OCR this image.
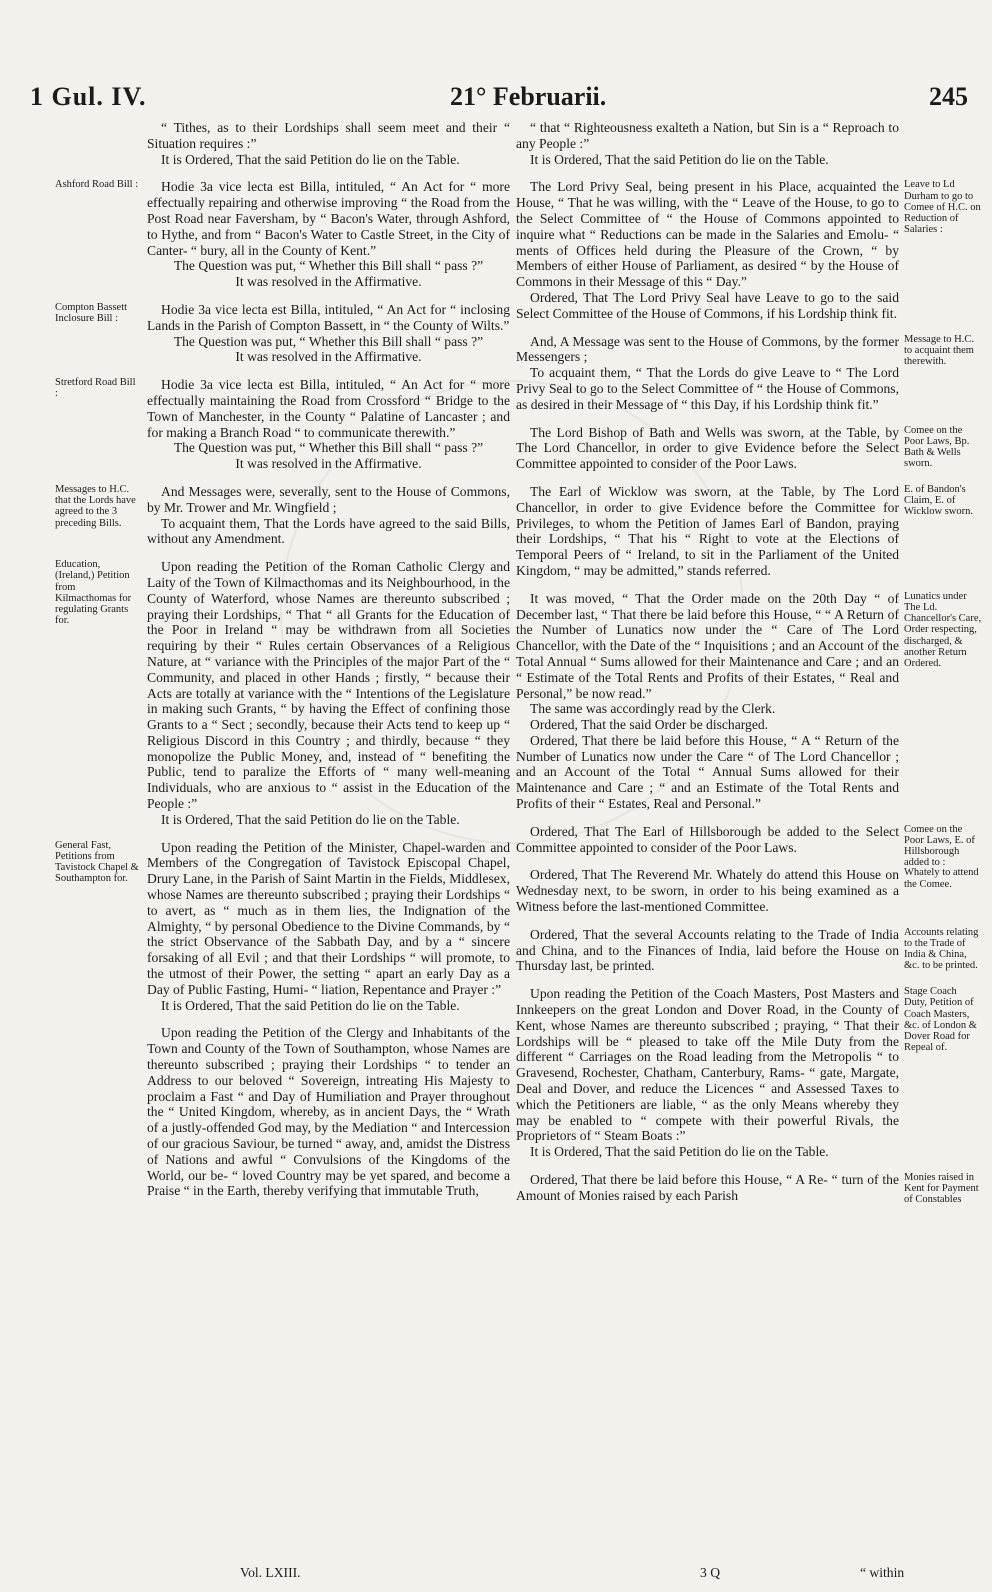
1 Gul. IV.	21° Februarii.	245

“ Tithes, as to their Lordships shall seem meet and their “ Situation requires :”

It is Ordered, That the said Petition do lie on the Table.

Ashford Road Bill :	Hodie 3a vice lecta est Billa, intituled, “ An Act for “ more effectually repairing and otherwise improving “ the Road from the Post Road near Faversham, by “ Bacon's Water, through Ashford, to Hythe, and from “ Bacon's Water to Castle Street, in the City of Canter- “ bury, all in the County of Kent.”

The Question was put, “ Whether this Bill shall “ pass ?”

It was resolved in the Affirmative.

Compton Bassett Inclosure Bill :

Hodie 3a vice lecta est Billa, intituled, “ An Act for “ inclosing Lands in the Parish of Compton Bassett, in “ the County of Wilts.”

The Question was put, “ Whether this Bill shall “ pass ?”

It was resolved in the Affirmative.

Stretford Road Bill :

Hodie 3a vice lecta est Billa, intituled, “ An Act for “ more effectually maintaining the Road from Crossford “ Bridge to the Town of Manchester, in the County “ Palatine of Lancaster ; and for making a Branch Road “ to communicate therewith.”

The Question was put, “ Whether this Bill shall “ pass ?”

It was resolved in the Affirmative.

Messages to H.C. that the Lords have agreed to the 3 preceding Bills.

And Messages were, severally, sent to the House of Commons, by Mr. Trower and Mr. Wingfield ;

To acquaint them, That the Lords have agreed to the said Bills, without any Amendment.

Education, (Ireland,) Petition from Kilmacthomas for regulating Grants for.

Upon reading the Petition of the Roman Catholic Clergy and Laity of the Town of Kilmacthomas and its Neighbourhood, in the County of Waterford, whose Names are thereunto subscribed ; praying their Lordships, “ That “ all Grants for the Education of the Poor in Ireland “ may be withdrawn from all Societies requiring by their “ Rules certain Observances of a Religious Nature, at “ variance with the Principles of the major Part of the “ Community, and placed in other Hands ; firstly, “ because their Acts are totally at variance with the “ Intentions of the Legislature in making such Grants, “ by having the Effect of confining those Grants to a “ Sect ; secondly, because their Acts tend to keep up “ Religious Discord in this Country ; and thirdly, because “ they monopolize the Public Money, and, instead of “ benefiting the Public, tend to paralize the Efforts of “ many well-meaning Individuals, who are anxious to “ assist in the Education of the People :”

It is Ordered, That the said Petition do lie on the Table.

General Fast, Petitions from Tavistock Chapel & Southampton for.

Upon reading the Petition of the Minister, Chapel-warden and Members of the Congregation of Tavistock Episcopal Chapel, Drury Lane, in the Parish of Saint Martin in the Fields, Middlesex, whose Names are thereunto subscribed ; praying their Lordships “ to avert, as “ much as in them lies, the Indignation of the Almighty, “ by personal Obedience to the Divine Commands, by “ the strict Observance of the Sabbath Day, and by a “ sincere forsaking of all Evil ; and that their Lordships “ will promote, to the utmost of their Power, the setting “ apart an early Day as a Day of Public Fasting, Humi- “ liation, Repentance and Prayer :”

It is Ordered, That the said Petition do lie on the Table.

Upon reading the Petition of the Clergy and Inhabitants of the Town and County of the Town of Southampton, whose Names are thereunto subscribed ; praying their Lordships “ to tender an Address to our beloved “ Sovereign, intreating His Majesty to proclaim a Fast “ and Day of Humiliation and Prayer throughout the “ United Kingdom, whereby, as in ancient Days, the “ Wrath of a justly-offended God may, by the Mediation “ and Intercession of our gracious Saviour, be turned “ away, and, amidst the Distress of Nations and awful “ Convulsions of the Kingdoms of the World, our be- “ loved Country may be yet spared, and become a Praise “ in the Earth, thereby verifying that immutable Truth,

“ that “ Righteousness exalteth a Nation, but Sin is a “ Reproach to any People :”

It is Ordered, That the said Petition do lie on the Table.

Leave to Ld Durham to go to Comee of H.C. on Reduction of Salaries :

The Lord Privy Seal, being present in his Place, acquainted the House, “ That he was willing, with the “ Leave of the House, to go to the Select Committee of “ the House of Commons appointed to inquire what “ Reductions can be made in the Salaries and Emolu- “ ments of Offices held during the Pleasure of the Crown, “ by Members of either House of Parliament, as desired “ by the House of Commons in their Message of this “ Day.”

Ordered, That The Lord Privy Seal have Leave to go to the said Select Committee of the House of Commons, if his Lordship think fit.

Message to H.C. to acquaint them therewith.

And, A Message was sent to the House of Commons, by the former Messengers ;

To acquaint them, “ That the Lords do give Leave to “ The Lord Privy Seal to go to the Select Committee of “ the House of Commons, as desired in their Message of “ this Day, if his Lordship think fit.”

Comee on the Poor Laws, Bp. Bath & Wells sworn.

The Lord Bishop of Bath and Wells was sworn, at the Table, by The Lord Chancellor, in order to give Evidence before the Select Committee appointed to consider of the Poor Laws.

E. of Bandon's Claim, E. of Wicklow sworn.

The Earl of Wicklow was sworn, at the Table, by The Lord Chancellor, in order to give Evidence before the Committee for Privileges, to whom the Petition of James Earl of Bandon, praying their Lordships, “ That his “ Right to vote at the Elections of Temporal Peers of “ Ireland, to sit in the Parliament of the United Kingdom, “ may be admitted,” stands referred.

Lunatics under The Ld. Chancellor's Care, Order respecting, discharged, & another Return Ordered.

It was moved, “ That the Order made on the 20th Day “ of December last, “ That there be laid before this House, “ “ A Return of the Number of Lunatics now under the “ Care of The Lord Chancellor, with the Date of the “ Inquisitions ; and an Account of the Total Annual “ Sums allowed for their Maintenance and Care ; and an “ Estimate of the Total Rents and Profits of their Estates, “ Real and Personal,” be now read.”

The same was accordingly read by the Clerk.

Ordered, That the said Order be discharged.

Ordered, That there be laid before this House, “ A “ Return of the Number of Lunatics now under the Care “ of The Lord Chancellor ; and an Account of the Total “ Annual Sums allowed for their Maintenance and Care ; “ and an Estimate of the Total Rents and Profits of their “ Estates, Real and Personal.”

Comee on the Poor Laws, E. of Hillsborough added to :

Ordered, That The Earl of Hillsborough be added to the Select Committee appointed to consider of the Poor Laws.

Whately to attend the Comee.

Ordered, That The Reverend Mr. Whately do attend this House on Wednesday next, to be sworn, in order to his being examined as a Witness before the last-mentioned Committee.

Accounts relating to the Trade of India & China, &c. to be printed.

Ordered, That the several Accounts relating to the Trade of India and China, and to the Finances of India, laid before the House on Thursday last, be printed.

Stage Coach Duty, Petition of Coach Masters, &c. of London & Dover Road for Repeal of.

Upon reading the Petition of the Coach Masters, Post Masters and Innkeepers on the great London and Dover Road, in the County of Kent, whose Names are thereunto subscribed ; praying, “ That their Lordships will be “ pleased to take off the Mile Duty from the different “ Carriages on the Road leading from the Metropolis “ to Gravesend, Rochester, Chatham, Canterbury, Rams- “ gate, Margate, Deal and Dover, and reduce the Licences “ and Assessed Taxes to which the Petitioners are liable, “ as the only Means whereby they may be enabled to “ compete with their powerful Rivals, the Proprietors of “ Steam Boats :”

It is Ordered, That the said Petition do lie on the Table.

Monies raised in Kent for Payment of Constables

Ordered, That there be laid before this House, “ A Re- “ turn of the Amount of Monies raised by each Parish

Vol. LXIII.	3 Q	“ within
